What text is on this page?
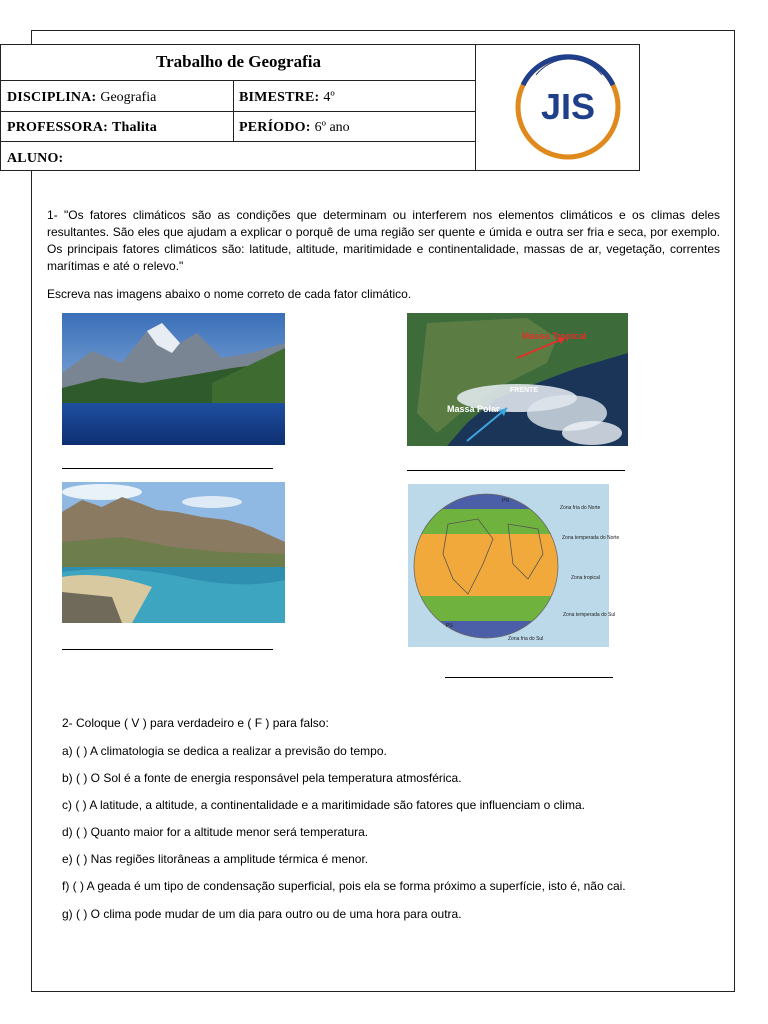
Trabalho de Geografia
DISCIPLINA: Geografia	BIMESTRE: 4º
PROFESSORA: Thalita	PERÍODO: 6º ano
ALUNO:
JIS
1- "Os fatores climáticos são as condições que determinam ou interferem nos elementos climáticos e os climas deles resultantes. São eles que ajudam a explicar o porquê de uma região ser quente e úmida e outra ser fria e seca, por exemplo. Os principais fatores climáticos são: latitude, altitude, maritimidade e continentalidade, massas de ar, vegetação, correntes marítimas e até o relevo."
Escreva nas imagens abaixo o nome correto de cada fator climático.
Massa Tropical
FRENTE
Massa Polar
PN
Zona fria do Norte
Zona temperada do Norte
Zona tropical
Zona temperada do Sul
PS
Zona fria do Sul
2- Coloque ( V ) para verdadeiro e ( F ) para falso:
a) ( ) A climatologia se dedica a realizar a previsão do tempo.
b) ( ) O Sol é a fonte de energia responsável pela temperatura atmosférica.
c) ( ) A latitude, a altitude, a continentalidade e a maritimidade são fatores que influenciam o clima.
d) ( ) Quanto maior for a altitude menor será temperatura.
e) ( ) Nas regiões litorâneas a amplitude térmica é menor.
f) ( ) A geada é um tipo de condensação superficial, pois ela se forma próximo a superfície, isto é, não cai.
g) ( ) O clima pode mudar de um dia para outro ou de uma hora para outra.
